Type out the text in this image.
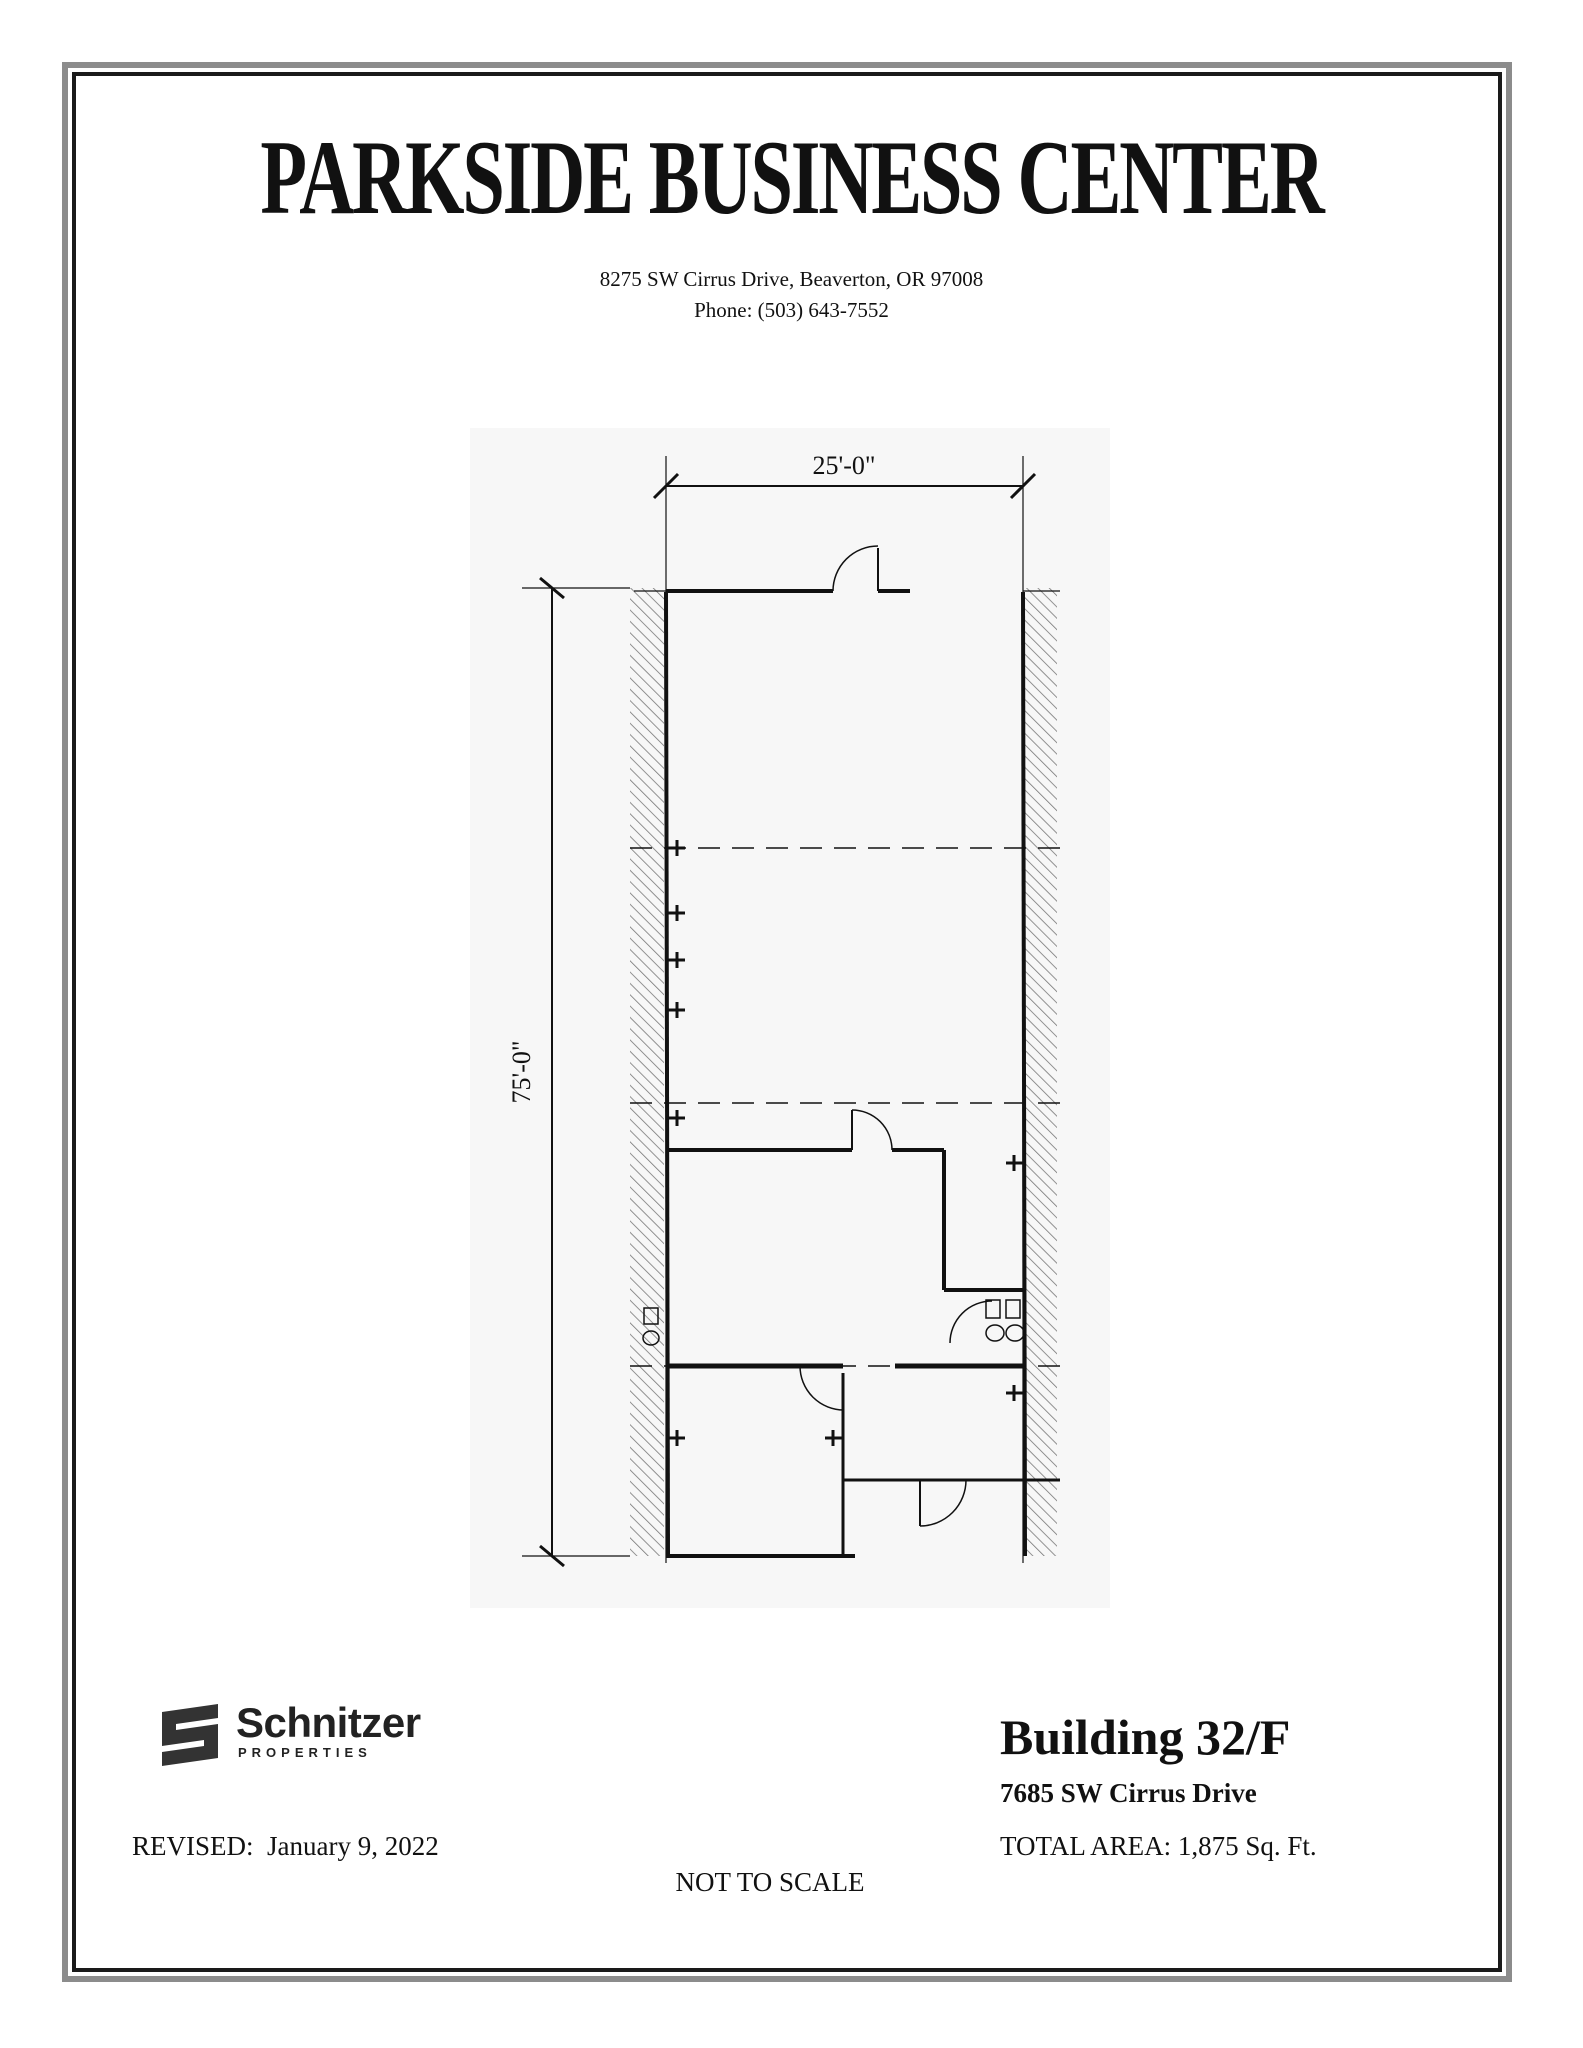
PARKSIDE BUSINESS CENTER
8275 SW Cirrus Drive, Beaverton, OR 97008
Phone: (503) 643-7552
25'-0"
75'-0"
Schnitzer
PROPERTIES	Building 32/F
7685 SW Cirrus Drive
TOTAL AREA: 1,875 Sq. Ft.
REVISED:  January 9, 2022
NOT TO SCALE
